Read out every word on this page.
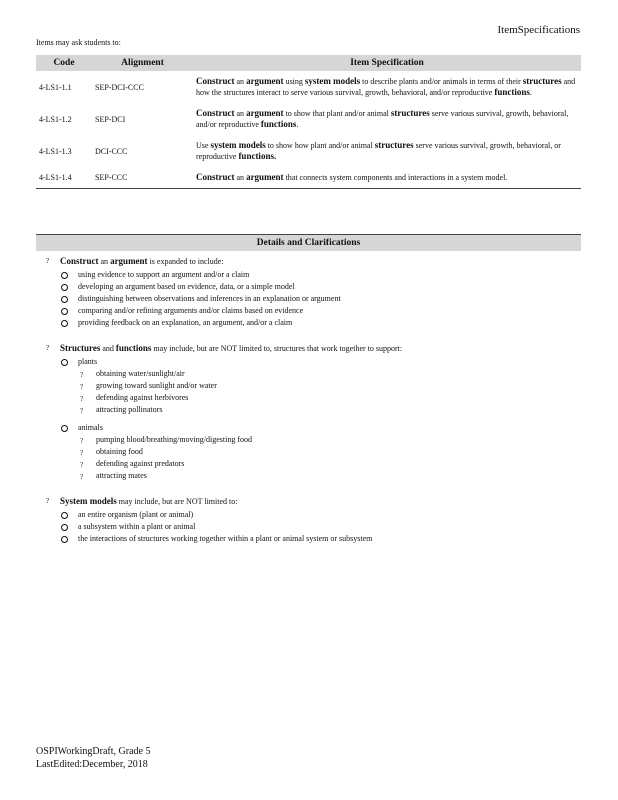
ItemSpecifications
Items may ask students to:
Code	Alignment	Item Specification
4-LS1-1.1	SEP-DCI-CCC	Construct an argument using system models to describe plants and/or animals in terms of their structures and how the structures interact to serve various survival, growth, behavioral, and/or reproductive functions.
4-LS1-1.2	SEP-DCI	Construct an argument to show that plant and/or animal structures serve various survival, growth, behavioral, and/or reproductive functions.
4-LS1-1.3	DCI-CCC	Use system models to show how plant and/or animal structures serve various survival, growth, behavioral, or reproductive functions.
4-LS1-1.4	SEP-CCC	Construct an argument that connects system components and interactions in a system model.
Details and Clarifications
? Construct an argument is expanded to include:
using evidence to support an argument and/or a claim
developing an argument based on evidence, data, or a simple model
distinguishing between observations and inferences in an explanation or argument
comparing and/or refining arguments and/or claims based on evidence
providing feedback on an explanation, an argument, and/or a claim
? Structures and functions may include, but are NOT limited to, structures that work together to support:
plants
? obtaining water/sunlight/air
? growing toward sunlight and/or water
? defending against herbivores
? attracting pollinators
animals
? pumping blood/breathing/moving/digesting food
? obtaining food
? defending against predators
? attracting mates
? System models may include, but are NOT limited to:
an entire organism (plant or animal)
a subsystem within a plant or animal
the interactions of structures working together within a plant or animal system or subsystem
OSPIWorkingDraft, Grade 5
LastEdited:December, 2018
